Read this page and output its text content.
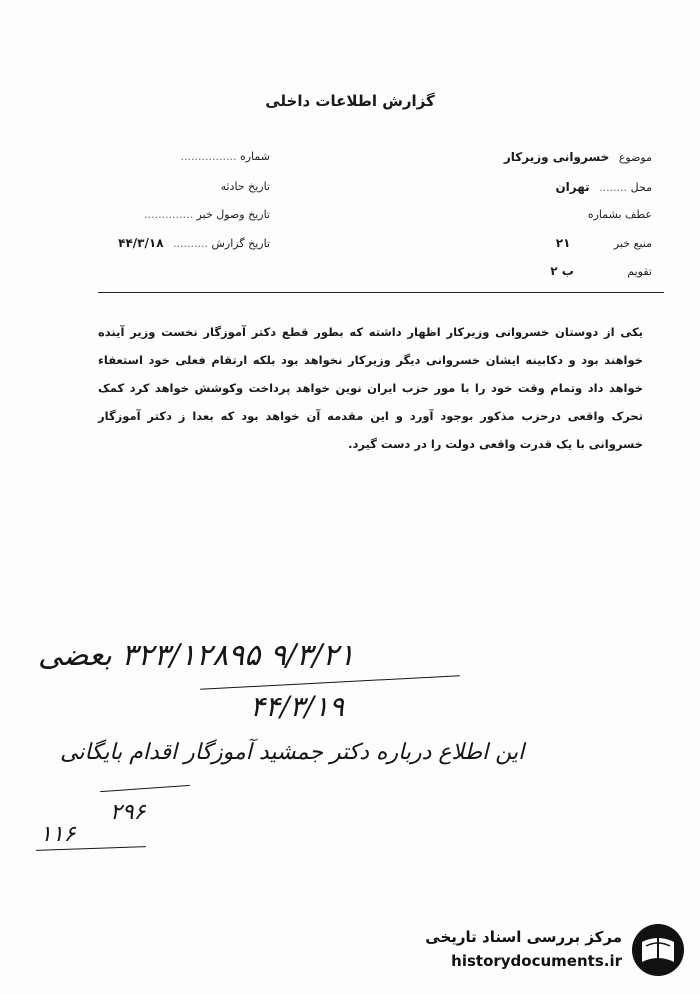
گزارش اطلاعات داخلی
موضوع خسروانی وزیرکار
محل ........ تهران
عطف بشماره
منبع خبر ۲۱
تقویم ب ۲
شماره ................
تاریخ حادثه
تاریخ وصول خبر ..............
تاریخ گزارش .......... ۴۴/۳/۱۸
یکی از دوستان خسروانی وزیرکار اظهار داشته که بطور قطع دکتر آموزگار نخست وزیر آینده خواهند بود و دکابینه ایشان خسروانی دیگر وزیرکار نخواهد بود بلکه ارتقام فعلی خود استعفاء خواهد داد وتمام وقت خود را با مور حزب ایران نوین خواهد پرداخت وکوشش خواهد کرد کمک تحرک واقعی درحزب مذکور بوجود آورد و این مقدمه آن خواهد بود که بعدا ز دکتر آموزگار خسروانی با یک قدرت واقعی دولت را در دست گیرد.
۹/۳/۲۱ ۳۲۳/۱۲۸۹۵ بعضی
۴۴/۳/۱۹
این اطلاع درباره دکتر جمشید آموزگار اقدام بایگانی
۲۹۶
۱۱۶
مرکز بررسی اسناد تاریخی
historydocuments.ir
